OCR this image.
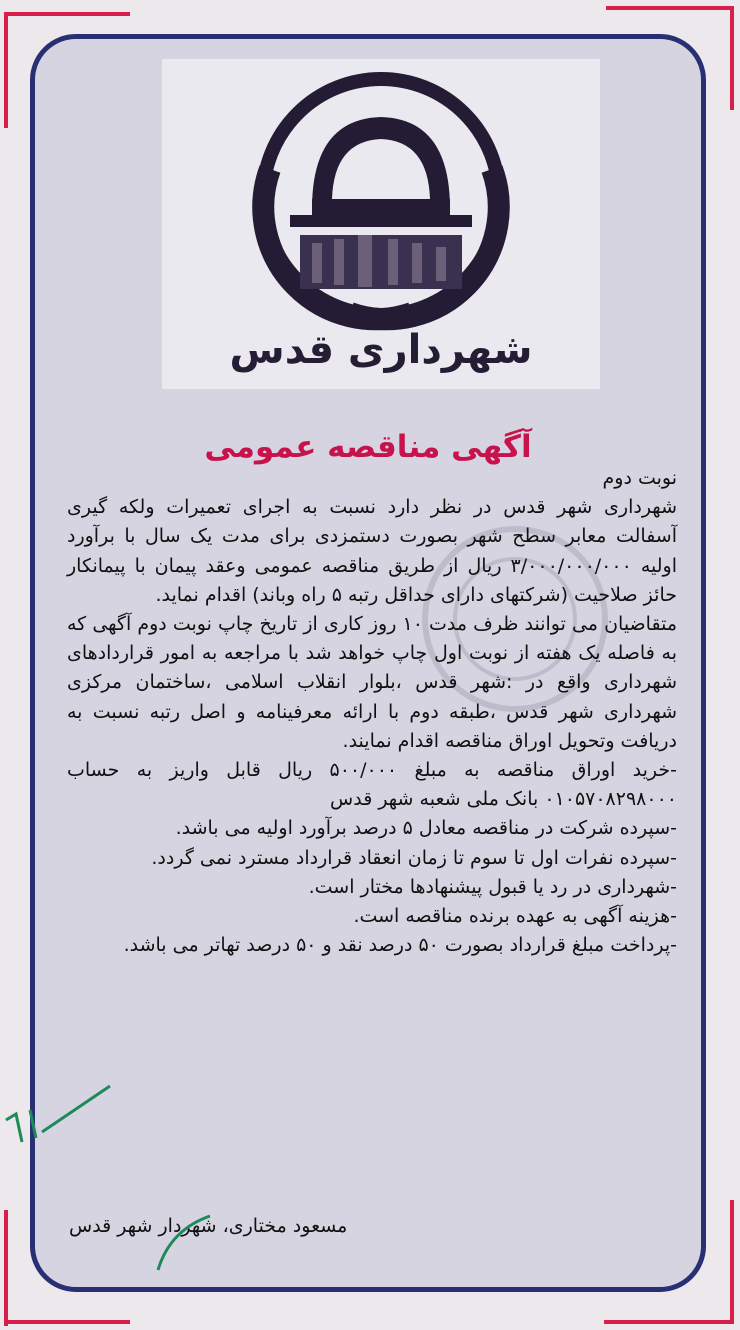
شهرداری قدس
آگهی مناقصه عمومی

نوبت دوم

شهرداری شهر قدس در نظر دارد نسبت به اجرای تعمیرات ولکه گیری آسفالت معابر سطح شهر بصورت دستمزدی برای مدت یک سال با برآورد اولیه ۳/۰۰۰/۰۰۰/۰۰۰ ریال از طریق مناقصه عمومی وعقد پیمان با پیمانکار حائز صلاحیت (شرکتهای دارای حداقل رتبه ۵ راه وباند) اقدام نماید.

متقاضیان می توانند ظرف مدت ۱۰ روز کاری از تاریخ چاپ نوبت دوم آگهی که به فاصله یک هفته از نوبت اول چاپ خواهد شد با مراجعه به امور قراردادهای شهرداری واقع در :شهر قدس ،بلوار انقلاب اسلامی ،ساختمان مرکزی شهرداری شهر قدس ،طبقه دوم با ارائه معرفینامه و اصل رتبه نسبت به دریافت وتحویل اوراق مناقصه اقدام نمایند.

-خرید اوراق مناقصه به مبلغ ۵۰۰/۰۰۰ ریال قابل واریز به حساب ۰۱۰۵۷۰۸۲۹۸۰۰۰ بانک ملی شعبه شهر قدس

-سپرده شرکت در مناقصه معادل ۵ درصد برآورد اولیه می باشد.

-سپرده نفرات اول تا سوم تا زمان انعقاد قرارداد مسترد نمی گردد.

-شهرداری در رد یا قبول پیشنهادها مختار است.

-هزینه آگهی به عهده برنده مناقصه است.

-پرداخت مبلغ قرارداد بصورت ۵۰ درصد نقد و ۵۰ درصد تهاتر می باشد.

مسعود مختاری، شهردار شهر قدس
